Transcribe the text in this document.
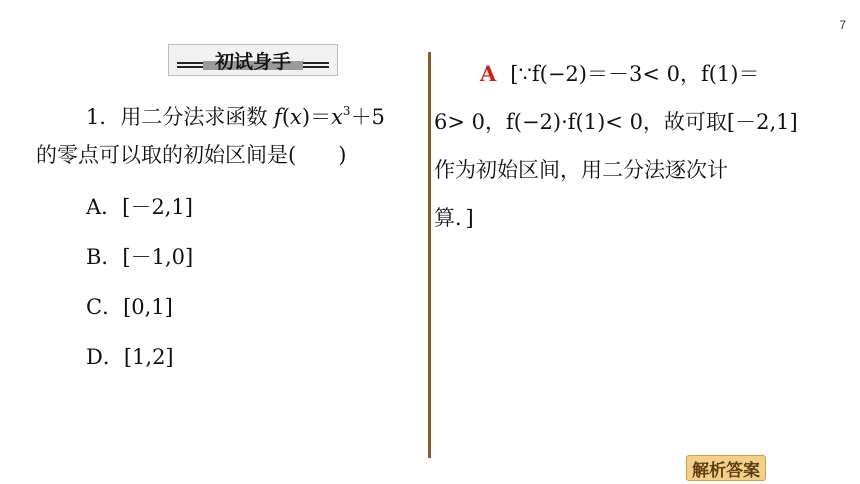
7
初试身手
1．用二分法求函数 $f(x)=x^3+5$
的零点可以取的初始区间是(　　)
A．[－2,1]
B．[－1,0]
C．[0,1]
D．[1,2]
A [∵f(−2)＝－3< 0，f(1)＝
6> 0，f(−2)·f(1)< 0，故可取[－2,1]
作为初始区间，用二分法逐次计
算．]
解析答案
